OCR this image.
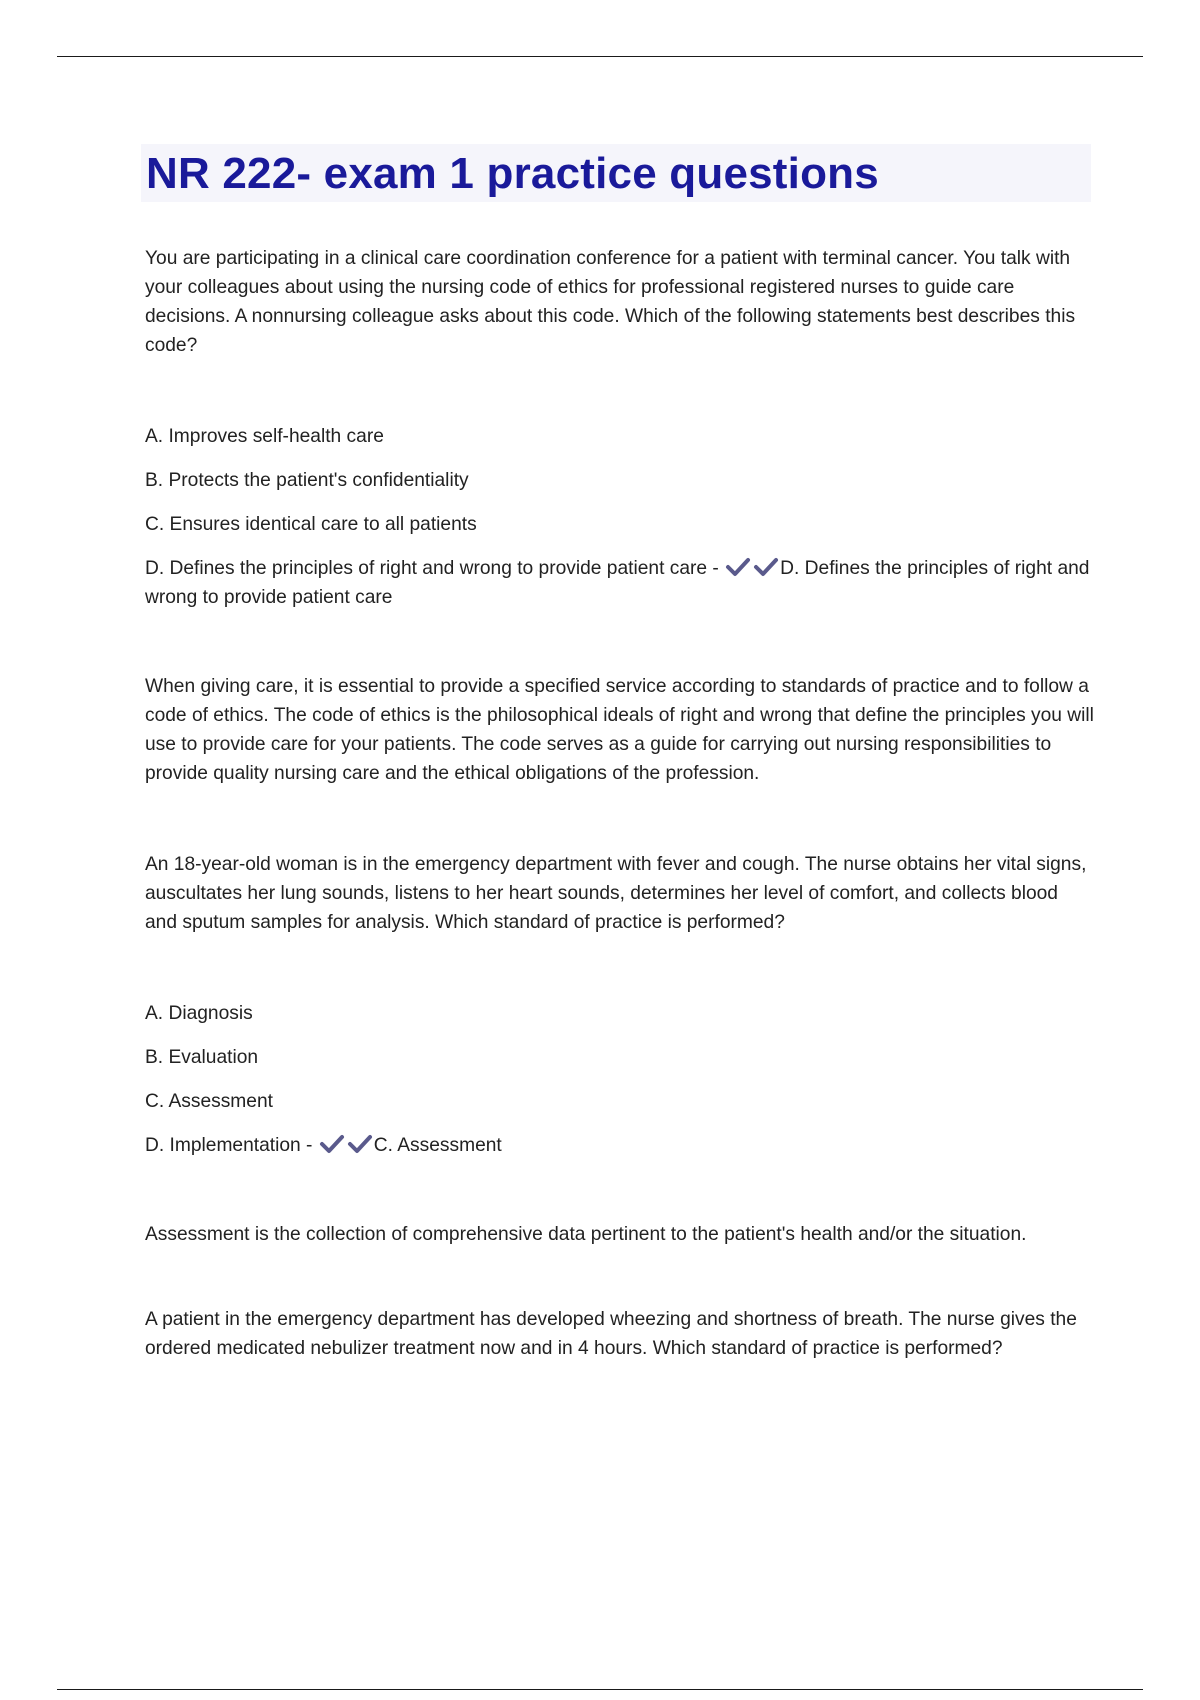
NR 222- exam 1 practice questions

You are participating in a clinical care coordination conference for a patient with terminal cancer. You talk with your colleagues about using the nursing code of ethics for professional registered nurses to guide care decisions. A nonnursing colleague asks about this code. Which of the following statements best describes this code?

A. Improves self-health care

B. Protects the patient's confidentiality

C. Ensures identical care to all patients

D. Defines the principles of right and wrong to provide patient care -	D. Defines the principles of right and wrong to provide patient care

When giving care, it is essential to provide a specified service according to standards of practice and to follow a code of ethics. The code of ethics is the philosophical ideals of right and wrong that define the principles you will use to provide care for your patients. The code serves as a guide for carrying out nursing responsibilities to provide quality nursing care and the ethical obligations of the profession.

An 18-year-old woman is in the emergency department with fever and cough. The nurse obtains her vital signs, auscultates her lung sounds, listens to her heart sounds, determines her level of comfort, and collects blood and sputum samples for analysis. Which standard of practice is performed?

A. Diagnosis

B. Evaluation

C. Assessment

D. Implementation -	C. Assessment

Assessment is the collection of comprehensive data pertinent to the patient's health and/or the situation.

A patient in the emergency department has developed wheezing and shortness of breath. The nurse gives the ordered medicated nebulizer treatment now and in 4 hours. Which standard of practice is performed?
